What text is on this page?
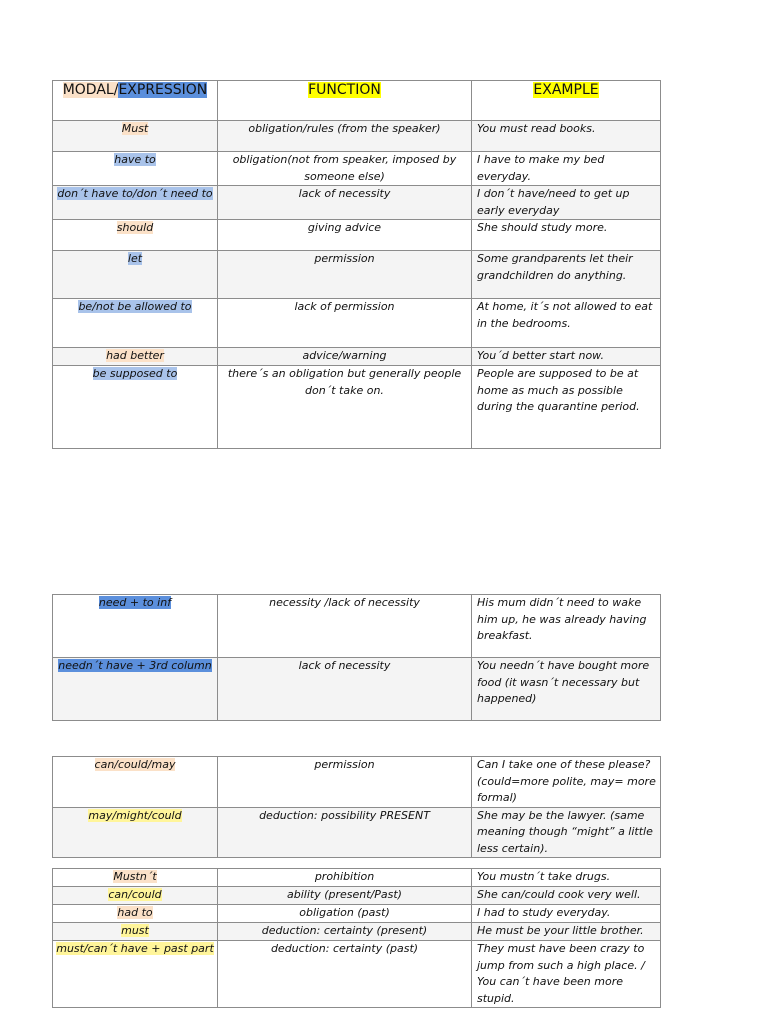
MODAL/EXPRESSION	FUNCTION	EXAMPLE
Must	obligation/rules (from the speaker)	You must read books.
have to	obligation(not from speaker, imposed by someone else)	I have to make my bed everyday.
don´t have to/don´t need to	lack of necessity	I don´t have/need to get up early everyday
should	giving advice	She should study more.
let	permission	Some grandparents let their grandchildren do anything.
be/not be allowed to	lack of permission	At home, it´s not allowed to eat in the bedrooms.
had better	advice/warning	You´d better start now.
be supposed to	there´s an obligation but generally people don´t take on.	People are supposed to be at home as much as possible during the quarantine period.
need + to inf	necessity /lack of necessity	His mum didn´t need to wake him up, he was already having breakfast.
needn´t have + 3rd column	lack of necessity	You needn´t have bought more food (it wasn´t necessary but happened)
can/could/may	permission	Can I take one of these please? (could=more polite, may= more formal)
may/might/could	deduction: possibility PRESENT	She may be the lawyer. (same meaning though “might” a little less certain).
Mustn´t	prohibition	You mustn´t take drugs.
can/could	ability (present/Past)	She can/could cook very well.
had to	obligation (past)	I had to study everyday.
must	deduction: certainty (present)	He must be your little brother.
must/can´t have + past part	deduction: certainty (past)	They must have been crazy to jump from such a high place. / You can´t have been more stupid.
